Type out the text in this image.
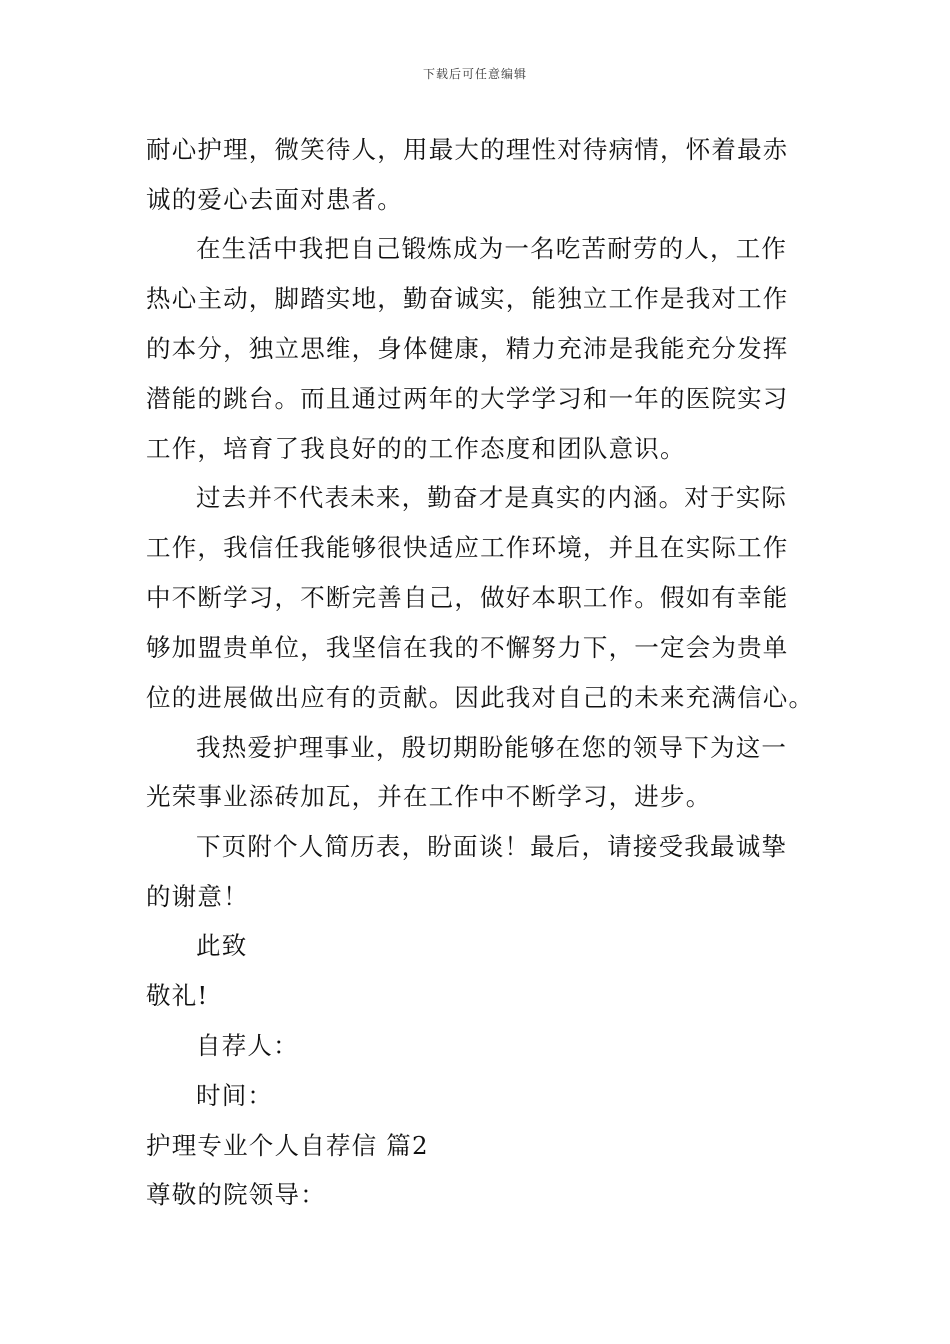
下载后可任意编辑
耐心护理，微笑待人，用最大的理性对待病情，怀着最赤
诚的爱心去面对患者。
在生活中我把自己锻炼成为一名吃苦耐劳的人，工作
热心主动，脚踏实地，勤奋诚实，能独立工作是我对工作
的本分，独立思维，身体健康，精力充沛是我能充分发挥
潜能的跳台。而且通过两年的大学学习和一年的医院实习
工作，培育了我良好的的工作态度和团队意识。
过去并不代表未来，勤奋才是真实的内涵。对于实际
工作，我信任我能够很快适应工作环境，并且在实际工作
中不断学习，不断完善自己，做好本职工作。假如有幸能
够加盟贵单位，我坚信在我的不懈努力下，一定会为贵单
位的进展做出应有的贡献。因此我对自己的未来充满信心。
我热爱护理事业，殷切期盼能够在您的领导下为这一
光荣事业添砖加瓦，并在工作中不断学习，进步。
下页附个人简历表，盼面谈！最后，请接受我最诚挚
的谢意！
此致
敬礼!
自荐人：
时间：
护理专业个人自荐信 篇2
尊敬的院领导：
